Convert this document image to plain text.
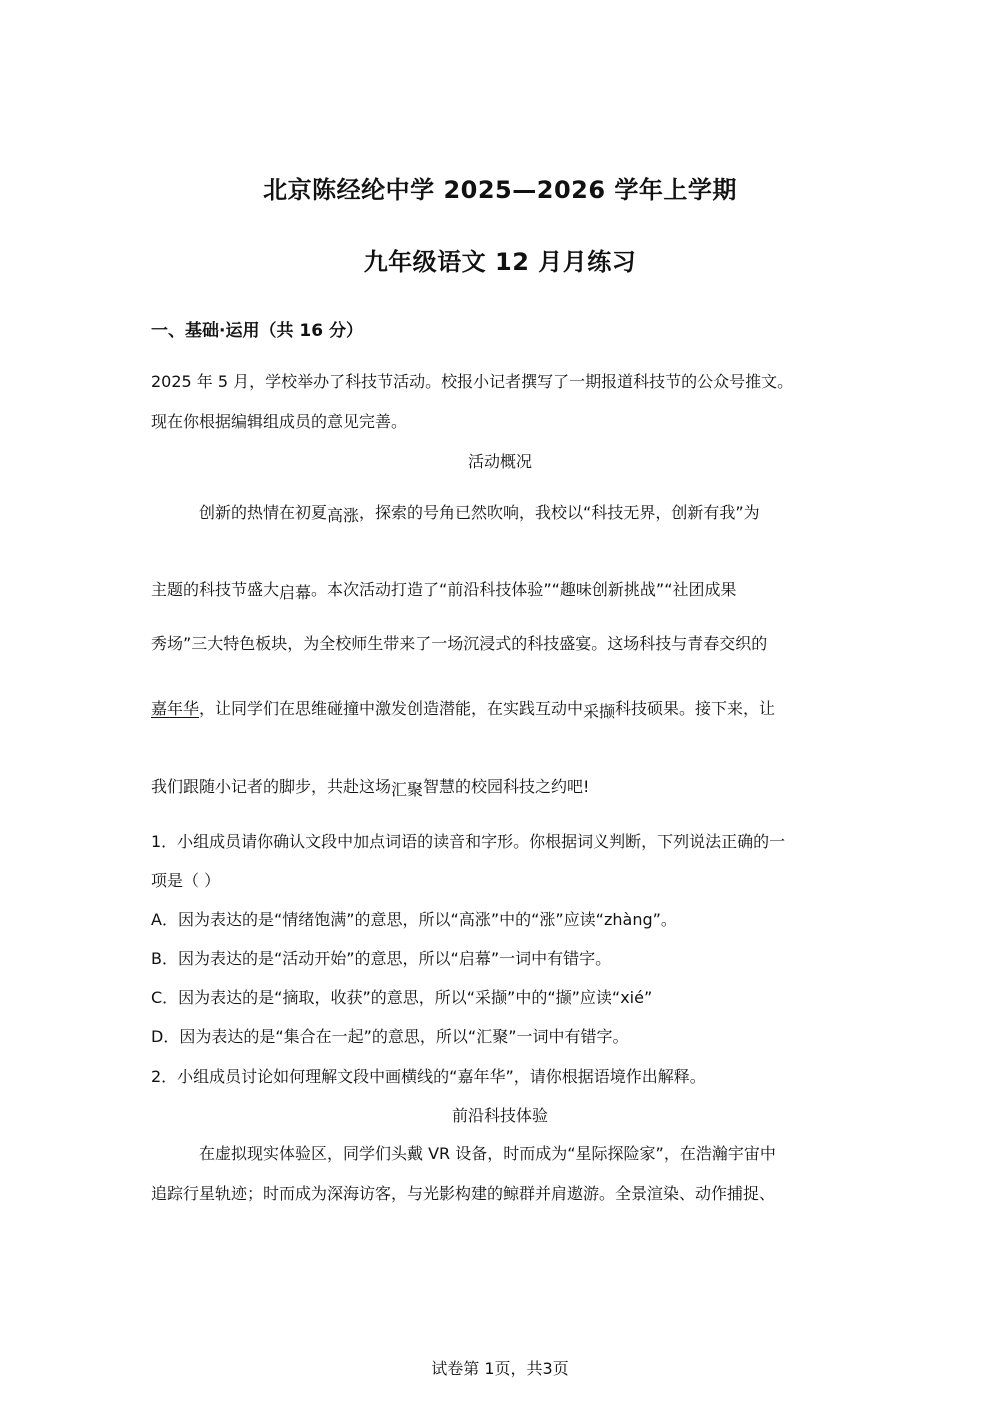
北京陈经纶中学 2025—2026 学年上学期
九年级语文 12 月月练习
一、基础·运用（共 16 分）
2025 年 5 月，学校举办了科技节活动。校报小记者撰写了一期报道科技节的公众号推文。
现在你根据编辑组成员的意见完善。
活动概况
创新的热情在初夏高涨，探索的号角已然吹响，我校以“科技无界，创新有我”为
主题的科技节盛大启幕。本次活动打造了“前沿科技体验”“趣味创新挑战”“社团成果
秀场”三大特色板块，为全校师生带来了一场沉浸式的科技盛宴。这场科技与青春交织的
嘉年华，让同学们在思维碰撞中激发创造潜能，在实践互动中采撷科技硕果。接下来，让
我们跟随小记者的脚步，共赴这场汇聚智慧的校园科技之约吧!
1．小组成员请你确认文段中加点词语的读音和字形。你根据词义判断，下列说法正确的一
项是（ ）
A．因为表达的是“情绪饱满”的意思，所以“高涨”中的“涨”应读“zhàng”。
B．因为表达的是“活动开始”的意思，所以“启幕”一词中有错字。
C．因为表达的是“摘取，收获”的意思，所以“采撷”中的“撷”应读“xié”
D．因为表达的是“集合在一起”的意思，所以“汇聚”一词中有错字。
2．小组成员讨论如何理解文段中画横线的“嘉年华”，请你根据语境作出解释。
前沿科技体验
在虚拟现实体验区，同学们头戴 VR 设备，时而成为“星际探险家”，在浩瀚宇宙中
追踪行星轨迹；时而成为深海访客，与光影构建的鲸群并肩遨游。全景渲染、动作捕捉、
试卷第 1页，共3页
